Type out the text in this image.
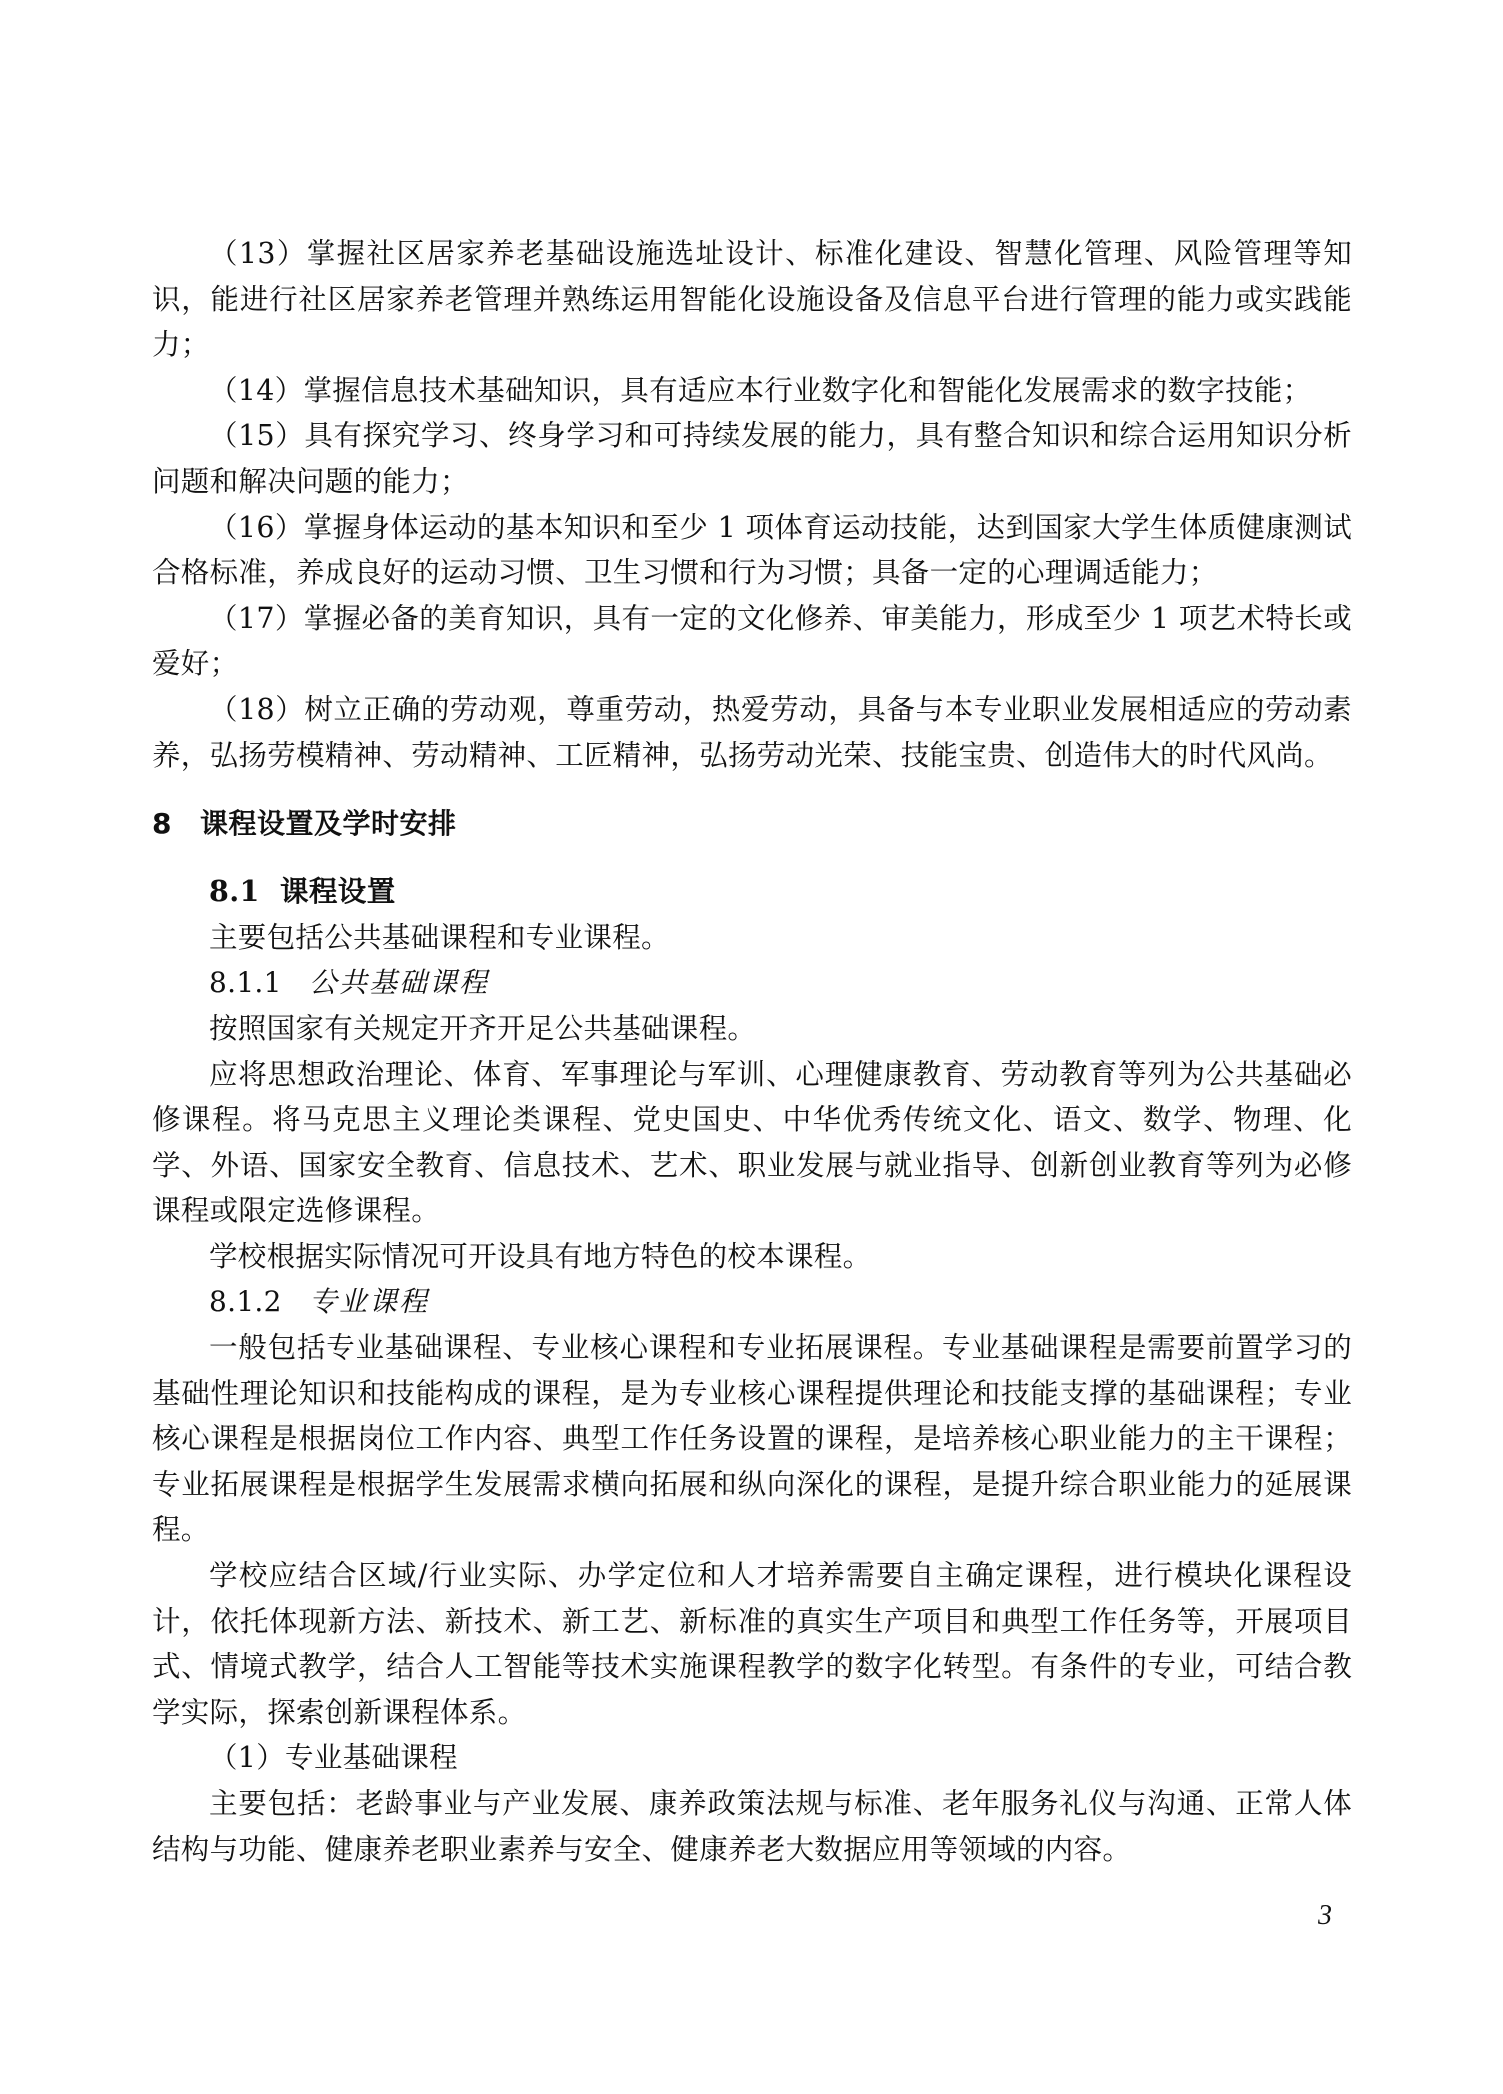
（13）掌握社区居家养老基础设施选址设计、标准化建设、智慧化管理、风险管理等知识，能进行社区居家养老管理并熟练运用智能化设施设备及信息平台进行管理的能力或实践能力；

（14）掌握信息技术基础知识，具有适应本行业数字化和智能化发展需求的数字技能；

（15）具有探究学习、终身学习和可持续发展的能力，具有整合知识和综合运用知识分析问题和解决问题的能力；

（16）掌握身体运动的基本知识和至少 1 项体育运动技能，达到国家大学生体质健康测试合格标准，养成良好的运动习惯、卫生习惯和行为习惯；具备一定的心理调适能力；

（17）掌握必备的美育知识，具有一定的文化修养、审美能力，形成至少 1 项艺术特长或爱好；

（18）树立正确的劳动观，尊重劳动，热爱劳动，具备与本专业职业发展相适应的劳动素养，弘扬劳模精神、劳动精神、工匠精神，弘扬劳动光荣、技能宝贵、创造伟大的时代风尚。

8 课程设置及学时安排
8.1 课程设置

主要包括公共基础课程和专业课程。

8.1.1 公共基础课程

按照国家有关规定开齐开足公共基础课程。

应将思想政治理论、体育、军事理论与军训、心理健康教育、劳动教育等列为公共基础必修课程。将马克思主义理论类课程、党史国史、中华优秀传统文化、语文、数学、物理、化学、外语、国家安全教育、信息技术、艺术、职业发展与就业指导、创新创业教育等列为必修课程或限定选修课程。

学校根据实际情况可开设具有地方特色的校本课程。

8.1.2 专业课程

一般包括专业基础课程、专业核心课程和专业拓展课程。专业基础课程是需要前置学习的基础性理论知识和技能构成的课程，是为专业核心课程提供理论和技能支撑的基础课程；专业核心课程是根据岗位工作内容、典型工作任务设置的课程，是培养核心职业能力的主干课程；专业拓展课程是根据学生发展需求横向拓展和纵向深化的课程，是提升综合职业能力的延展课程。

学校应结合区域/行业实际、办学定位和人才培养需要自主确定课程，进行模块化课程设计，依托体现新方法、新技术、新工艺、新标准的真实生产项目和典型工作任务等，开展项目式、情境式教学，结合人工智能等技术实施课程教学的数字化转型。有条件的专业，可结合教学实际，探索创新课程体系。

（1）专业基础课程

主要包括：老龄事业与产业发展、康养政策法规与标准、老年服务礼仪与沟通、正常人体结构与功能、健康养老职业素养与安全、健康养老大数据应用等领域的内容。

3
